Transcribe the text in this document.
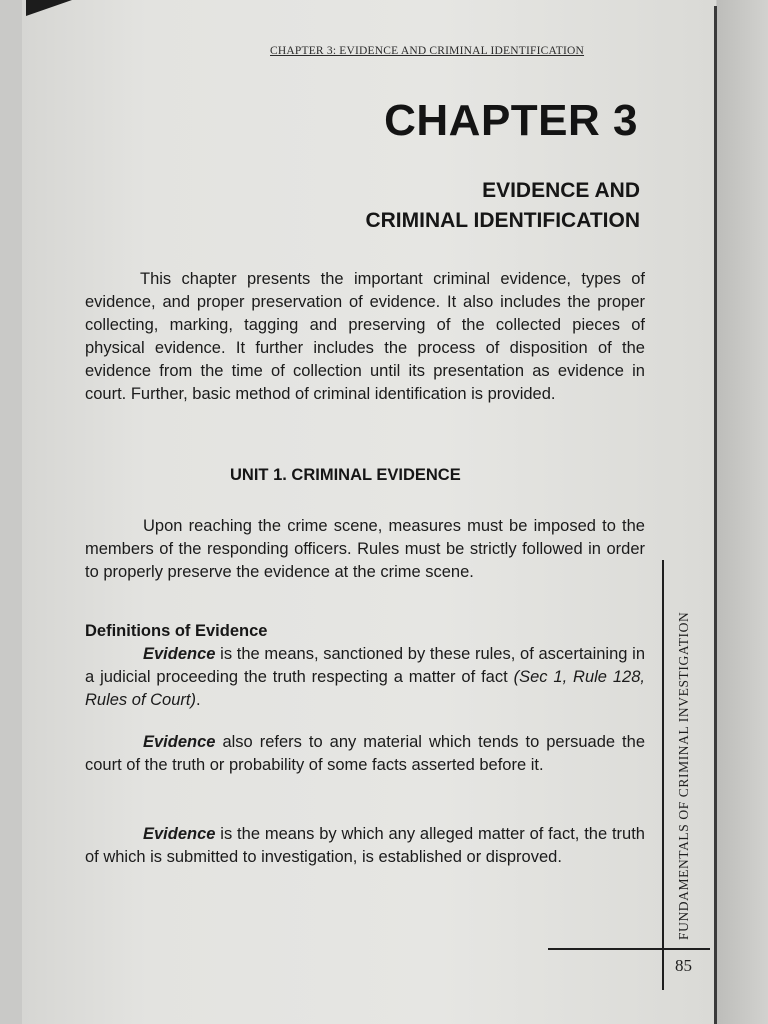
CHAPTER 3: EVIDENCE AND CRIMINAL IDENTIFICATION
CHAPTER 3
EVIDENCE AND
CRIMINAL IDENTIFICATION

This chapter presents the important criminal evidence, types of evidence, and proper preservation of evidence. It also includes the proper collecting, marking, tagging and preserving of the collected pieces of physical evidence. It further includes the process of disposition of the evidence from the time of collection until its presentation as evidence in court. Further, basic method of criminal identification is provided.

UNIT 1. CRIMINAL EVIDENCE

Upon reaching the crime scene, measures must be imposed to the members of the responding officers. Rules must be strictly followed in order to properly preserve the evidence at the crime scene.

Definitions of Evidence

Evidence is the means, sanctioned by these rules, of ascertaining in a judicial proceeding the truth respecting a matter of fact (Sec 1, Rule 128, Rules of Court).

Evidence also refers to any material which tends to persuade the court of the truth or probability of some facts asserted before it.

Evidence is the means by which any alleged matter of fact, the truth of which is submitted to investigation, is established or disproved.	FUNDAMENTALS OF CRIMINAL INVESTIGATION
85
